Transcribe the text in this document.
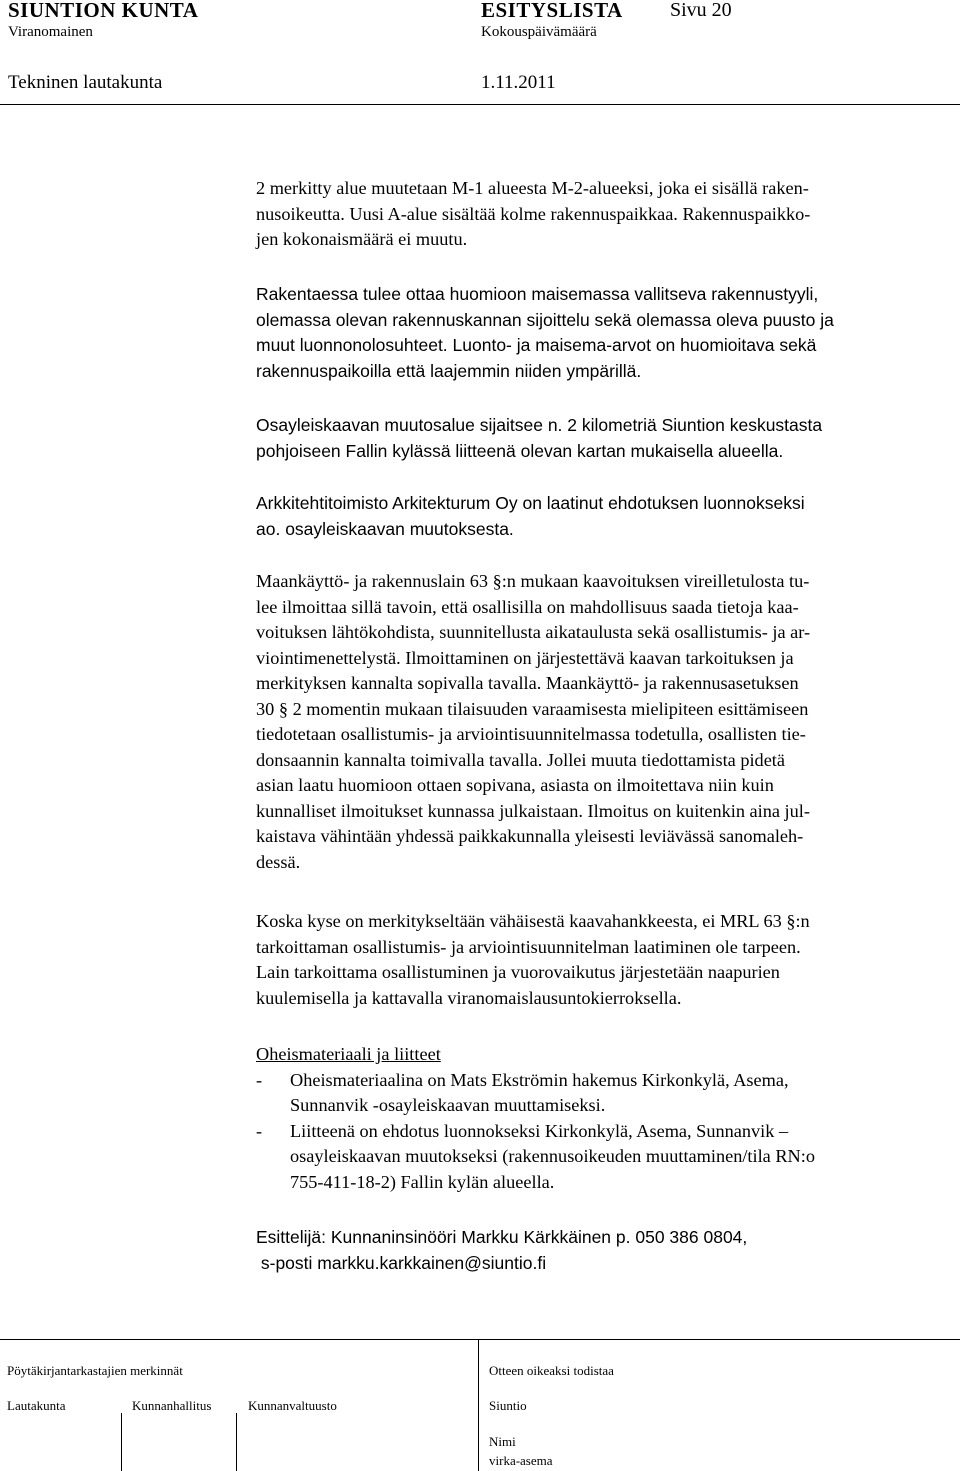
SIUNTION KUNTA	ESITYSLISTA Sivu 20
Viranomainen	Kokouspäivämäärä
Tekninen lautakunta	1.11.2011

2 merkitty alue muutetaan M-1 alueesta M-2-alueeksi, joka ei sisällä raken-

nusoikeutta. Uusi A-alue sisältää kolme rakennuspaikkaa. Rakennuspaikko-

jen kokonaismäärä ei muutu.

Rakentaessa tulee ottaa huomioon maisemassa vallitseva rakennustyyli,

olemassa olevan rakennuskannan sijoittelu sekä olemassa oleva puusto ja

muut luonnonolosuhteet. Luonto- ja maisema-arvot on huomioitava sekä

rakennuspaikoilla että laajemmin niiden ympärillä.

Osayleiskaavan muutosalue sijaitsee n. 2 kilometriä Siuntion keskustasta

pohjoiseen Fallin kylässä liitteenä olevan kartan mukaisella alueella.

Arkkitehtitoimisto Arkitekturum Oy on laatinut ehdotuksen luonnokseksi

ao. osayleiskaavan muutoksesta.

Maankäyttö- ja rakennuslain 63 §:n mukaan kaavoituksen vireilletulosta tu-

lee ilmoittaa sillä tavoin, että osallisilla on mahdollisuus saada tietoja kaa-

voituksen lähtökohdista, suunnitellusta aikataulusta sekä osallistumis- ja ar-

viointimenettelystä. Ilmoittaminen on järjestettävä kaavan tarkoituksen ja

merkityksen kannalta sopivalla tavalla. Maankäyttö- ja rakennusasetuksen

30 § 2 momentin mukaan tilaisuuden varaamisesta mielipiteen esittämiseen

tiedotetaan osallistumis- ja arviointisuunnitelmassa todetulla, osallisten tie-

donsaannin kannalta toimivalla tavalla. Jollei muuta tiedottamista pidetä

asian laatu huomioon ottaen sopivana, asiasta on ilmoitettava niin kuin

kunnalliset ilmoitukset kunnassa julkaistaan. Ilmoitus on kuitenkin aina jul-

kaistava vähintään yhdessä paikkakunnalla yleisesti leviävässä sanomaleh-

dessä.

Koska kyse on merkitykseltään vähäisestä kaavahankkeesta, ei MRL 63 §:n

tarkoittaman osallistumis- ja arviointisuunnitelman laatiminen ole tarpeen.

Lain tarkoittama osallistuminen ja vuorovaikutus järjestetään naapurien

kuulemisella ja kattavalla viranomaislausuntokierroksella.

Oheismateriaali ja liitteet

- Oheismateriaalina on Mats Ekströmin hakemus Kirkonkylä, Asema,

Sunnanvik -osayleiskaavan muuttamiseksi.

- Liitteenä on ehdotus luonnokseksi Kirkonkylä, Asema, Sunnanvik –

osayleiskaavan muutokseksi (rakennusoikeuden muuttaminen/tila RN:o

755-411-18-2) Fallin kylän alueella.

Esittelijä: Kunnaninsinööri Markku Kärkkäinen p. 050 386 0804,

s-posti markku.karkkainen@siuntio.fi

Pöytäkirjantarkastajien merkinnät	Otteen oikeaksi todistaa
Lautakunta	Kunnanhallitus	Kunnanvaltuusto	Siuntio
Nimi
virka-asema
